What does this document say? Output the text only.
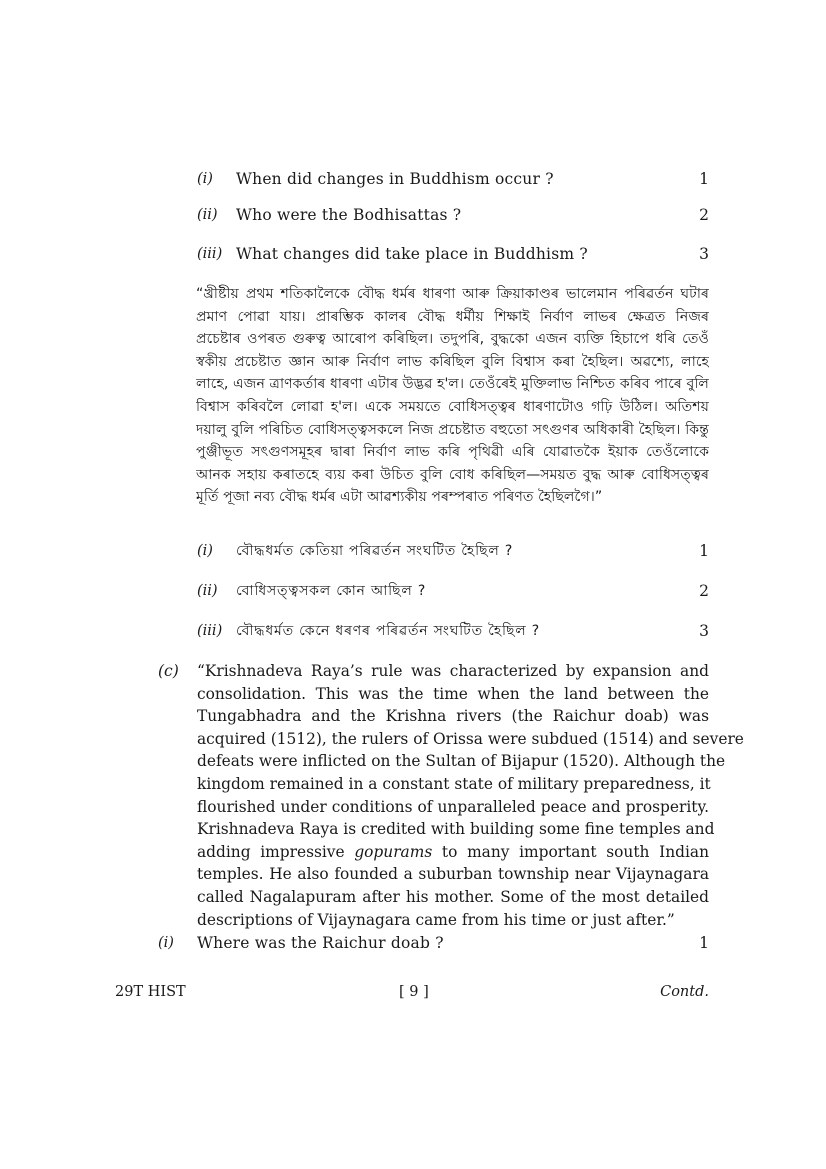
(i) When did changes in Buddhism occur ?	1
(ii) Who were the Bodhisattas ?	2
(iii) What changes did take place in Buddhism ?	3
“খ্ৰীষ্টীয় প্ৰথম শতিকালৈকে বৌদ্ধ ধৰ্মৰ ধাৰণা আৰু ক্ৰিয়াকাণ্ডৰ ভালেমান পৰিৱৰ্তন ঘটাৰ
প্ৰমাণ পোৱা যায়। প্ৰাৰম্ভিক কালৰ বৌদ্ধ ধৰ্মীয় শিক্ষাই নিৰ্বাণ লাভৰ ক্ষেত্ৰত নিজৰ
প্ৰচেষ্টাৰ ওপৰত গুৰুত্ব আৰোপ কৰিছিল। তদুপৰি, বুদ্ধকো এজন ব্যক্তি হিচাপে ধৰি তেওঁ
স্বকীয় প্ৰচেষ্টাত জ্ঞান আৰু নিৰ্বাণ লাভ কৰিছিল বুলি বিশ্বাস কৰা হৈছিল। অৱশ্যে, লাহে
লাহে, এজন ত্ৰাণকৰ্তাৰ ধাৰণা এটাৰ উদ্ভৱ হ'ল। তেওঁৰেই মুক্তিলাভ নিশ্চিত কৰিব পাৰে বুলি
বিশ্বাস কৰিবলৈ লোৱা হ'ল। একে সময়তে বোধিসত্ত্বৰ ধাৰণাটোও গঢ়ি উঠিল। অতিশয়
দয়ালু বুলি পৰিচিত বোধিসত্ত্বসকলে নিজ প্ৰচেষ্টাত বহুতো সৎগুণৰ অধিকাৰী হৈছিল। কিন্তু
পুঞ্জীভূত সৎগুণসমূহৰ দ্বাৰা নিৰ্বাণ লাভ কৰি পৃথিৱী এৰি যোৱাতকৈ ইয়াক তেওঁলোকে
আনক সহায় কৰাতহে ব্যয় কৰা উচিত বুলি বোধ কৰিছিল—সময়ত বুদ্ধ আৰু বোধিসত্ত্বৰ
মূৰ্তি পূজা নব্য বৌদ্ধ ধৰ্মৰ এটা আৱশ্যকীয় পৰম্পৰাত পৰিণত হৈছিলগৈ।”
(i) বৌদ্ধধৰ্মত কেতিয়া পৰিৱৰ্তন সংঘটিত হৈছিল ?	1
(ii) বোধিসত্ত্বসকল কোন আছিল ?	2
(iii) বৌদ্ধধৰ্মত কেনে ধৰণৰ পৰিৱৰ্তন সংঘটিত হৈছিল ?	3
(c) “Krishnadeva Raya’s rule was characterized by expansion and
consolidation. This was the time when the land between the
Tungabhadra and the Krishna rivers (the Raichur doab) was
acquired (1512), the rulers of Orissa were subdued (1514) and severe
defeats were inflicted on the Sultan of Bijapur (1520). Although the
kingdom remained in a constant state of military preparedness, it
flourished under conditions of unparalleled peace and prosperity.
Krishnadeva Raya is credited with building some fine temples and
adding impressive gopurams to many important south Indian
temples. He also founded a suburban township near Vijaynagara
called Nagalapuram after his mother. Some of the most detailed
descriptions of Vijaynagara came from his time or just after.”
(i) Where was the Raichur doab ?	1
29T HIST	[ 9 ]	Contd.
